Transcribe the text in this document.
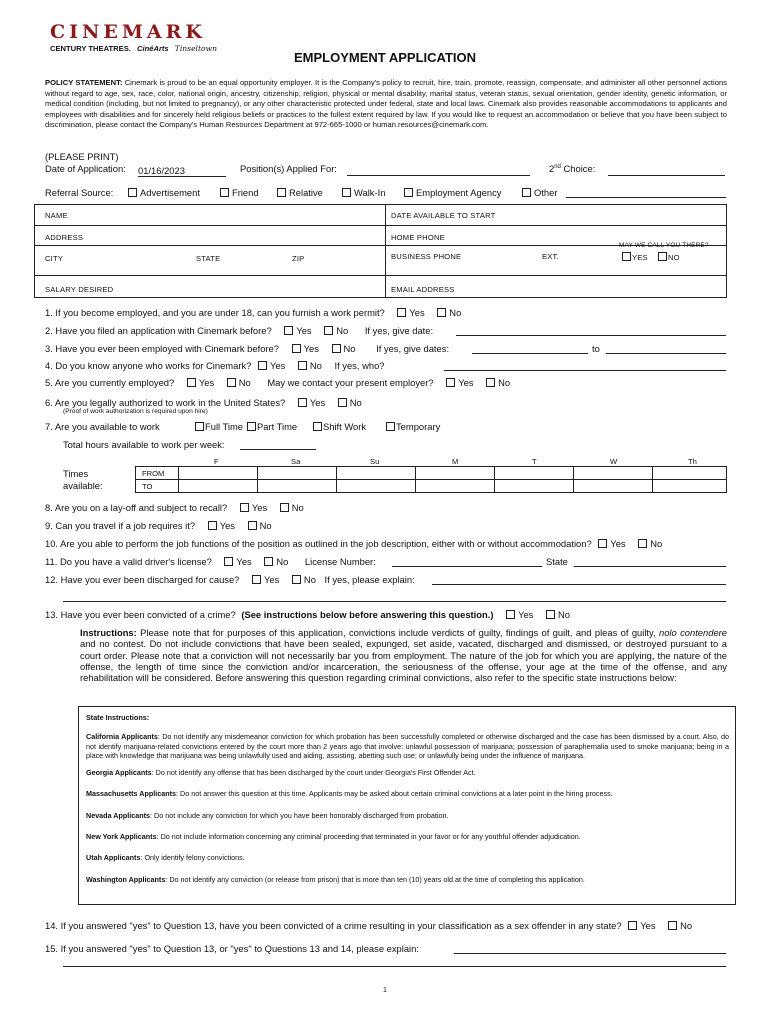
CINEMARK
CENTURY THEATRES. CinéArts Tinseltown
EMPLOYMENT APPLICATION
POLICY STATEMENT: Cinemark is proud to be an equal opportunity employer. It is the Company's policy to recruit, hire, train, promote, reassign, compensate, and administer all other personnel actions without regard to age, sex, race, color, national origin, ancestry, citizenship, religion, physical or mental disability, marital status, veteran status, sexual orientation, gender identity, genetic information, or medical condition (including, but not limited to pregnancy), or any other characteristic protected under federal, state and local laws. Cinemark also provides reasonable accommodations to applicants and employees with disabilities and for sincerely held religious beliefs or practices to the fullest extent required by law. If you would like to request an accommodation or believe that you have been subject to discrimination, please contact the Company's Human Resources Department at 972-665-1000 or human.resources@cinemark.com.
(PLEASE PRINT)
Date of Application: 01/16/2023	Position(s) Applied For:	2nd Choice:
Referral Source:	Advertisement	Friend	Relative	Walk-In	Employment Agency	Other
NAME	DATE AVAILABLE TO START
ADDRESS	HOME PHONE
CITY	STATE	ZIP	BUSINESS PHONE	EXT.
MAY WE CALL YOU THERE?
YES	NO
SALARY DESIRED	EMAIL ADDRESS
1. If you become employed, and you are under 18, can you furnish a work permit?	Yes	No
2. Have you filed an application with Cinemark before?	Yes	No If yes, give date:
3. Have you ever been employed with Cinemark before?	Yes	No If yes, give dates:	to
4. Do you know anyone who works for Cinemark? Yes	No If yes, who?
5. Are you currently employed?	Yes	No May we contact your present employer?	Yes	No
6. Are you legally authorized to work in the United States?	Yes	No
(Proof of work authorization is required upon hire)
7. Are you available to work	Full Time	Part Time	Shift Work	Temporary
Total hours available to work per week:
F	Sa	Su	M	T	W	Th
Times available:
FROM
TO
8. Are you on a lay-off and subject to recall?	Yes	No
9. Can you travel if a job requires it?	Yes	No
10. Are you able to perform the job functions of the position as outlined in the job description, either with or without accommodation? Yes	No
11. Do you have a valid driver's license?	Yes	No License Number:	State
12. Have you ever been discharged for cause?	Yes	No If yes, please explain:
13. Have you ever been convicted of a crime? (See instructions below before answering this question.)	Yes	No
Instructions: Please note that for purposes of this application, convictions include verdicts of guilty, findings of guilt, and pleas of guilty, nolo contendere and no contest. Do not include convictions that have been sealed, expunged, set aside, vacated, discharged and dismissed, or destroyed pursuant to a court order. Please note that a conviction will not necessarily bar you from employment. The nature of the job for which you are applying, the nature of the offense, the length of time since the conviction and/or incarceration, the seriousness of the offense, your age at the time of the offense, and any rehabilitation will be considered. Before answering this question regarding criminal convictions, also refer to the specific state instructions below:

State Instructions:

California Applicants: Do not identify any misdemeanor conviction for which probation has been successfully completed or otherwise discharged and the case has been dismissed by a court. Also, do not identify marijuana-related convictions entered by the court more than 2 years ago that involve: unlawful possession of marijuana; possession of paraphernalia used to smoke marijuana; being in a place with knowledge that marijuana was being unlawfully used and aiding, assisting, abetting such use; or unlawfully being under the influence of marijuana.

Georgia Applicants: Do not identify any offense that has been discharged by the court under Georgia's First Offender Act.

Massachusetts Applicants: Do not answer this question at this time. Applicants may be asked about certain criminal convictions at a later point in the hiring process.

Nevada Applicants: Do not include any conviction for which you have been honorably discharged from probation.

New York Applicants: Do not include information concerning any criminal proceeding that terminated in your favor or for any youthful offender adjudication.

Utah Applicants: Only identify felony convictions.

Washington Applicants: Do not identify any conviction (or release from prison) that is more than ten (10) years old at the time of completing this application.

14. If you answered "yes" to Question 13, have you been convicted of a crime resulting in your classification as a sex offender in any state? Yes	No
15. If you answered "yes" to Question 13, or "yes" to Questions 13 and 14, please explain:
1
